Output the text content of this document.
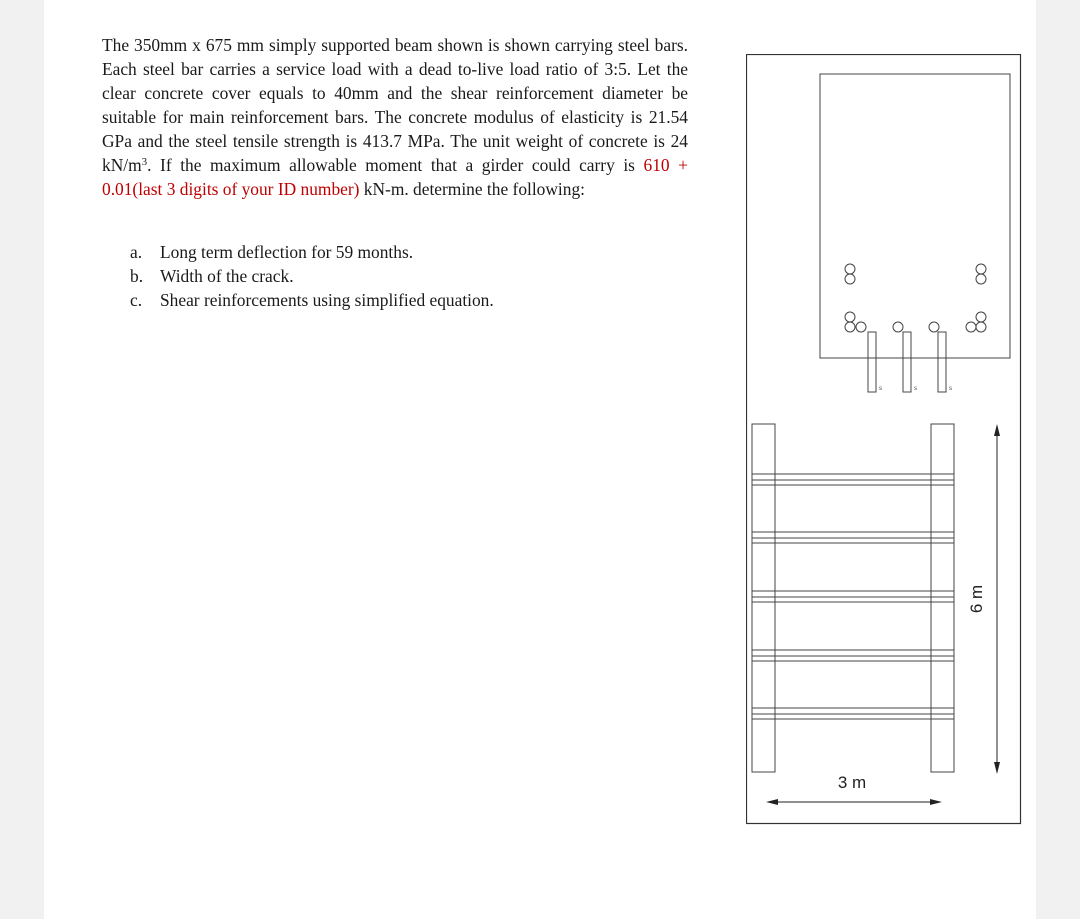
The 350mm x 675 mm simply supported beam shown is shown carrying steel bars. Each steel bar carries a service load with a dead to-live load ratio of 3:5. Let the clear concrete cover equals to 40mm and the shear reinforcement diameter be suitable for main reinforcement bars. The concrete modulus of elasticity is 21.54 GPa and the steel tensile strength is 413.7 MPa. The unit weight of concrete is 24 $kN/m^3$. If the maximum allowable moment that a girder could carry is 610 + 0.01(last 3 digits of your ID number) kN-m. determine the following:

a.	Long term deflection for 59 months.
b. Width of the crack.
c.	Shear reinforcements using simplified equation.
s	s	s
6 m
3 m
